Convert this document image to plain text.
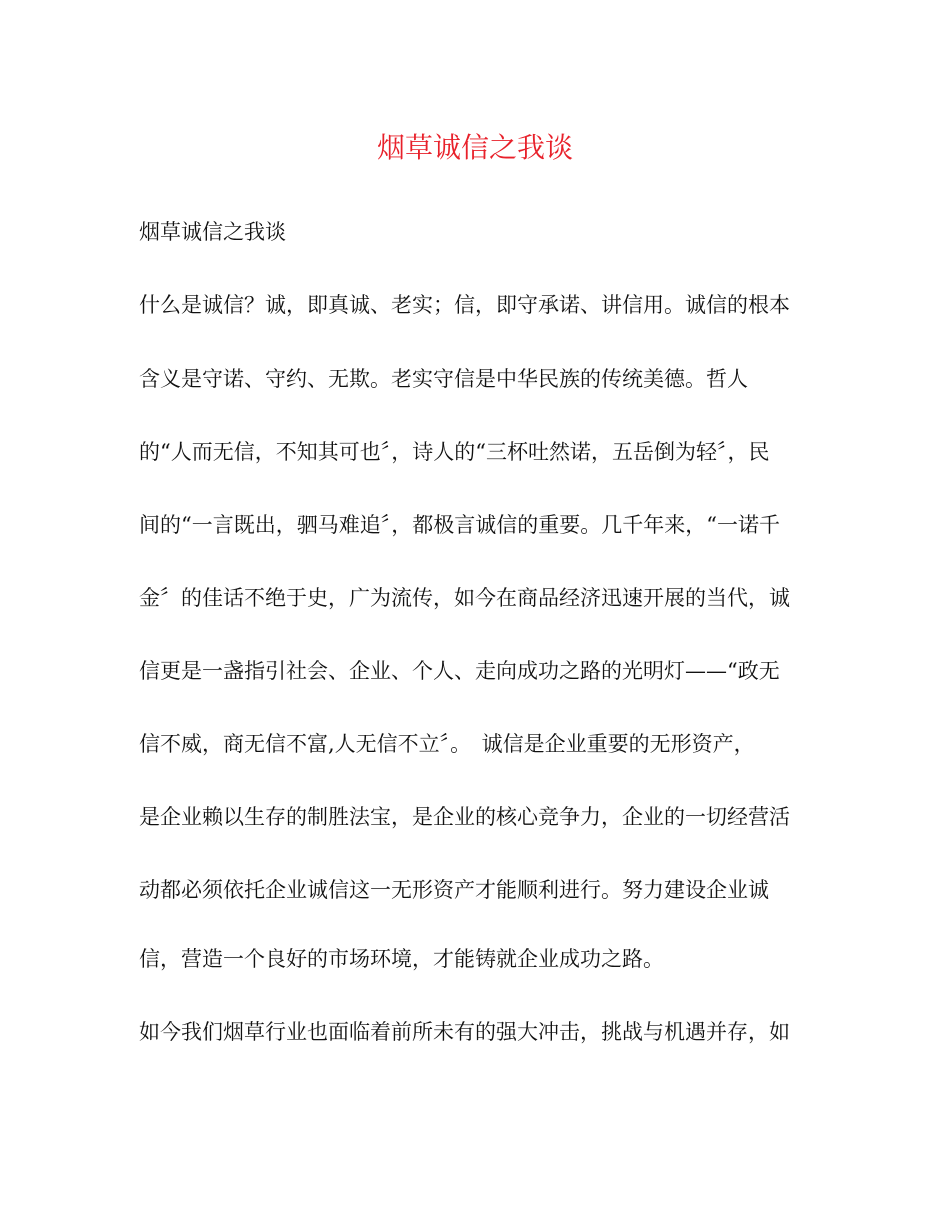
烟草诚信之我谈
烟草诚信之我谈
什么是诚信？诚，即真诚、老实；信，即守承诺、讲信用。诚信的根本
含义是守诺、守约、无欺。老实守信是中华民族的传统美德。哲人
的“人而无信，不知其可也〞，诗人的“三杯吐然诺，五岳倒为轻〞，民
间的“一言既出，驷马难追〞，都极言诚信的重要。几千年来，“一诺千
金〞的佳话不绝于史，广为流传，如今在商品经济迅速开展的当代，诚
信更是一盏指引社会、企业、个人、走向成功之路的光明灯——“政无
信不威，商无信不富,人无信不立〞。　诚信是企业重要的无形资产，
是企业赖以生存的制胜法宝，是企业的核心竞争力，企业的一切经营活
动都必须依托企业诚信这一无形资产才能顺利进行。努力建设企业诚
信，营造一个良好的市场环境，才能铸就企业成功之路。
如今我们烟草行业也面临着前所未有的强大冲击，挑战与机遇并存，如
